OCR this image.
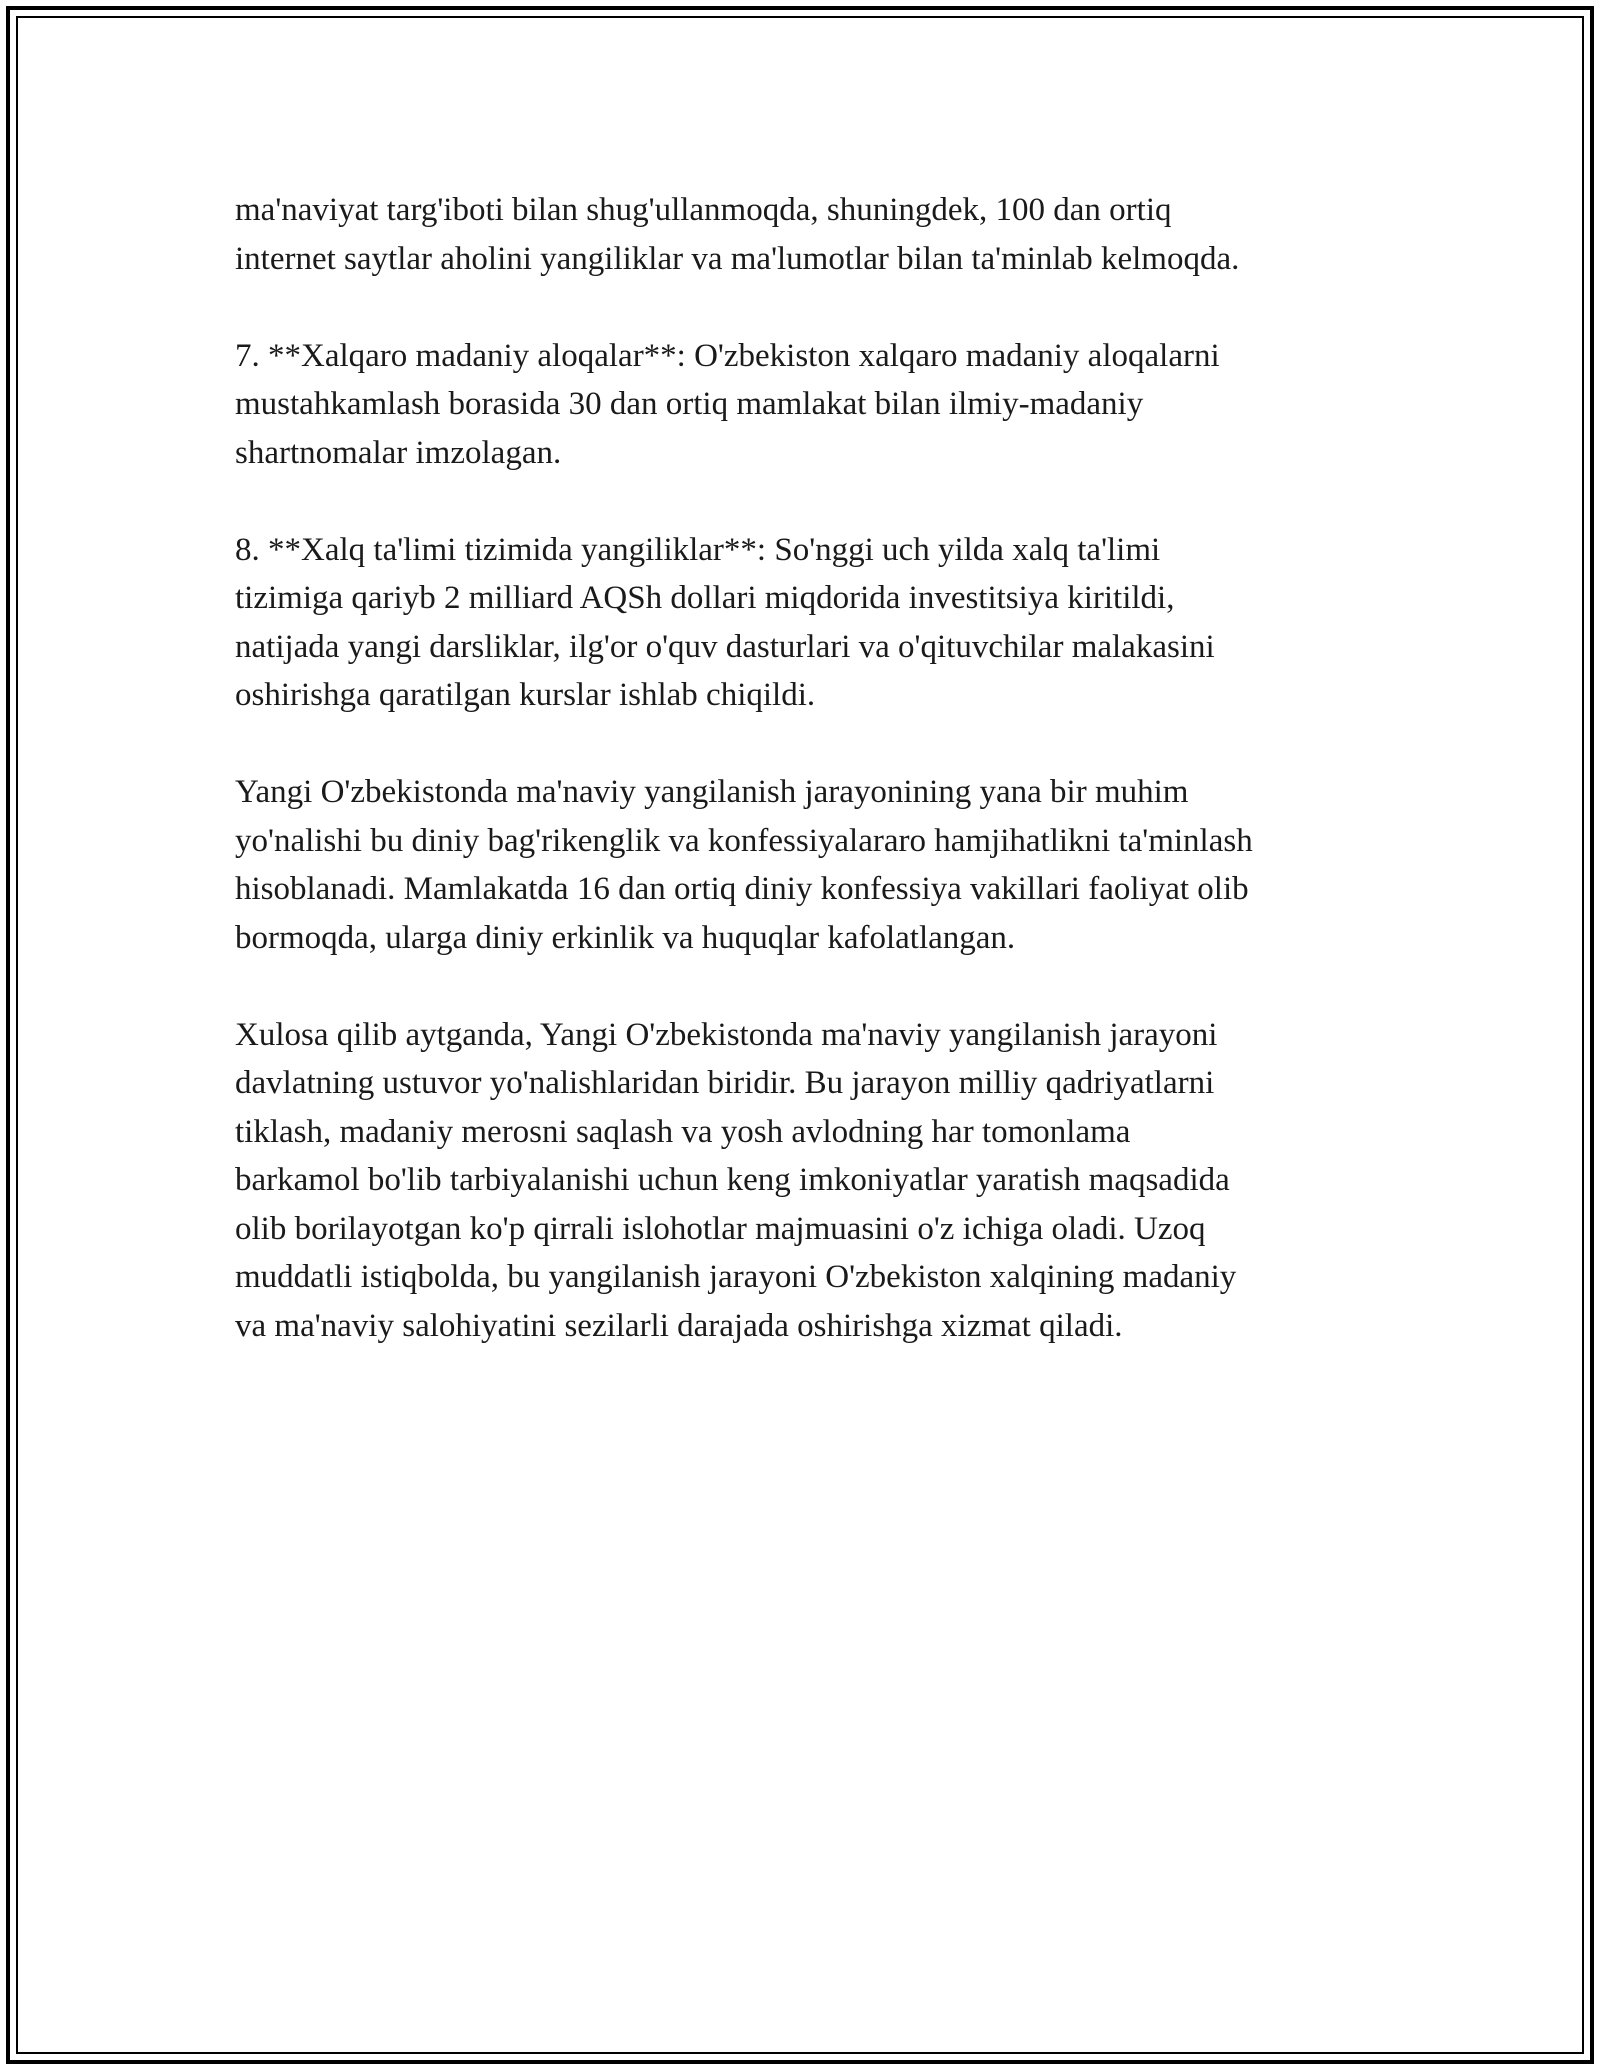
ma'naviyat targ'iboti bilan shug'ullanmoqda, shuningdek, 100 dan ortiq
internet saytlar aholini yangiliklar va ma'lumotlar bilan ta'minlab kelmoqda.

7. **Xalqaro madaniy aloqalar**: O'zbekiston xalqaro madaniy aloqalarni
mustahkamlash borasida 30 dan ortiq mamlakat bilan ilmiy-madaniy
shartnomalar imzolagan.

8. **Xalq ta'limi tizimida yangiliklar**: So'nggi uch yilda xalq ta'limi
tizimiga qariyb 2 milliard AQSh dollari miqdorida investitsiya kiritildi,
natijada yangi darsliklar, ilg'or o'quv dasturlari va o'qituvchilar malakasini
oshirishga qaratilgan kurslar ishlab chiqildi.

Yangi O'zbekistonda ma'naviy yangilanish jarayonining yana bir muhim
yo'nalishi bu diniy bag'rikenglik va konfessiyalararo hamjihatlikni ta'minlash
hisoblanadi. Mamlakatda 16 dan ortiq diniy konfessiya vakillari faoliyat olib
bormoqda, ularga diniy erkinlik va huquqlar kafolatlangan.

Xulosa qilib aytganda, Yangi O'zbekistonda ma'naviy yangilanish jarayoni
davlatning ustuvor yo'nalishlaridan biridir. Bu jarayon milliy qadriyatlarni
tiklash, madaniy merosni saqlash va yosh avlodning har tomonlama
barkamol bo'lib tarbiyalanishi uchun keng imkoniyatlar yaratish maqsadida
olib borilayotgan ko'p qirrali islohotlar majmuasini o'z ichiga oladi. Uzoq
muddatli istiqbolda, bu yangilanish jarayoni O'zbekiston xalqining madaniy
va ma'naviy salohiyatini sezilarli darajada oshirishga xizmat qiladi.
